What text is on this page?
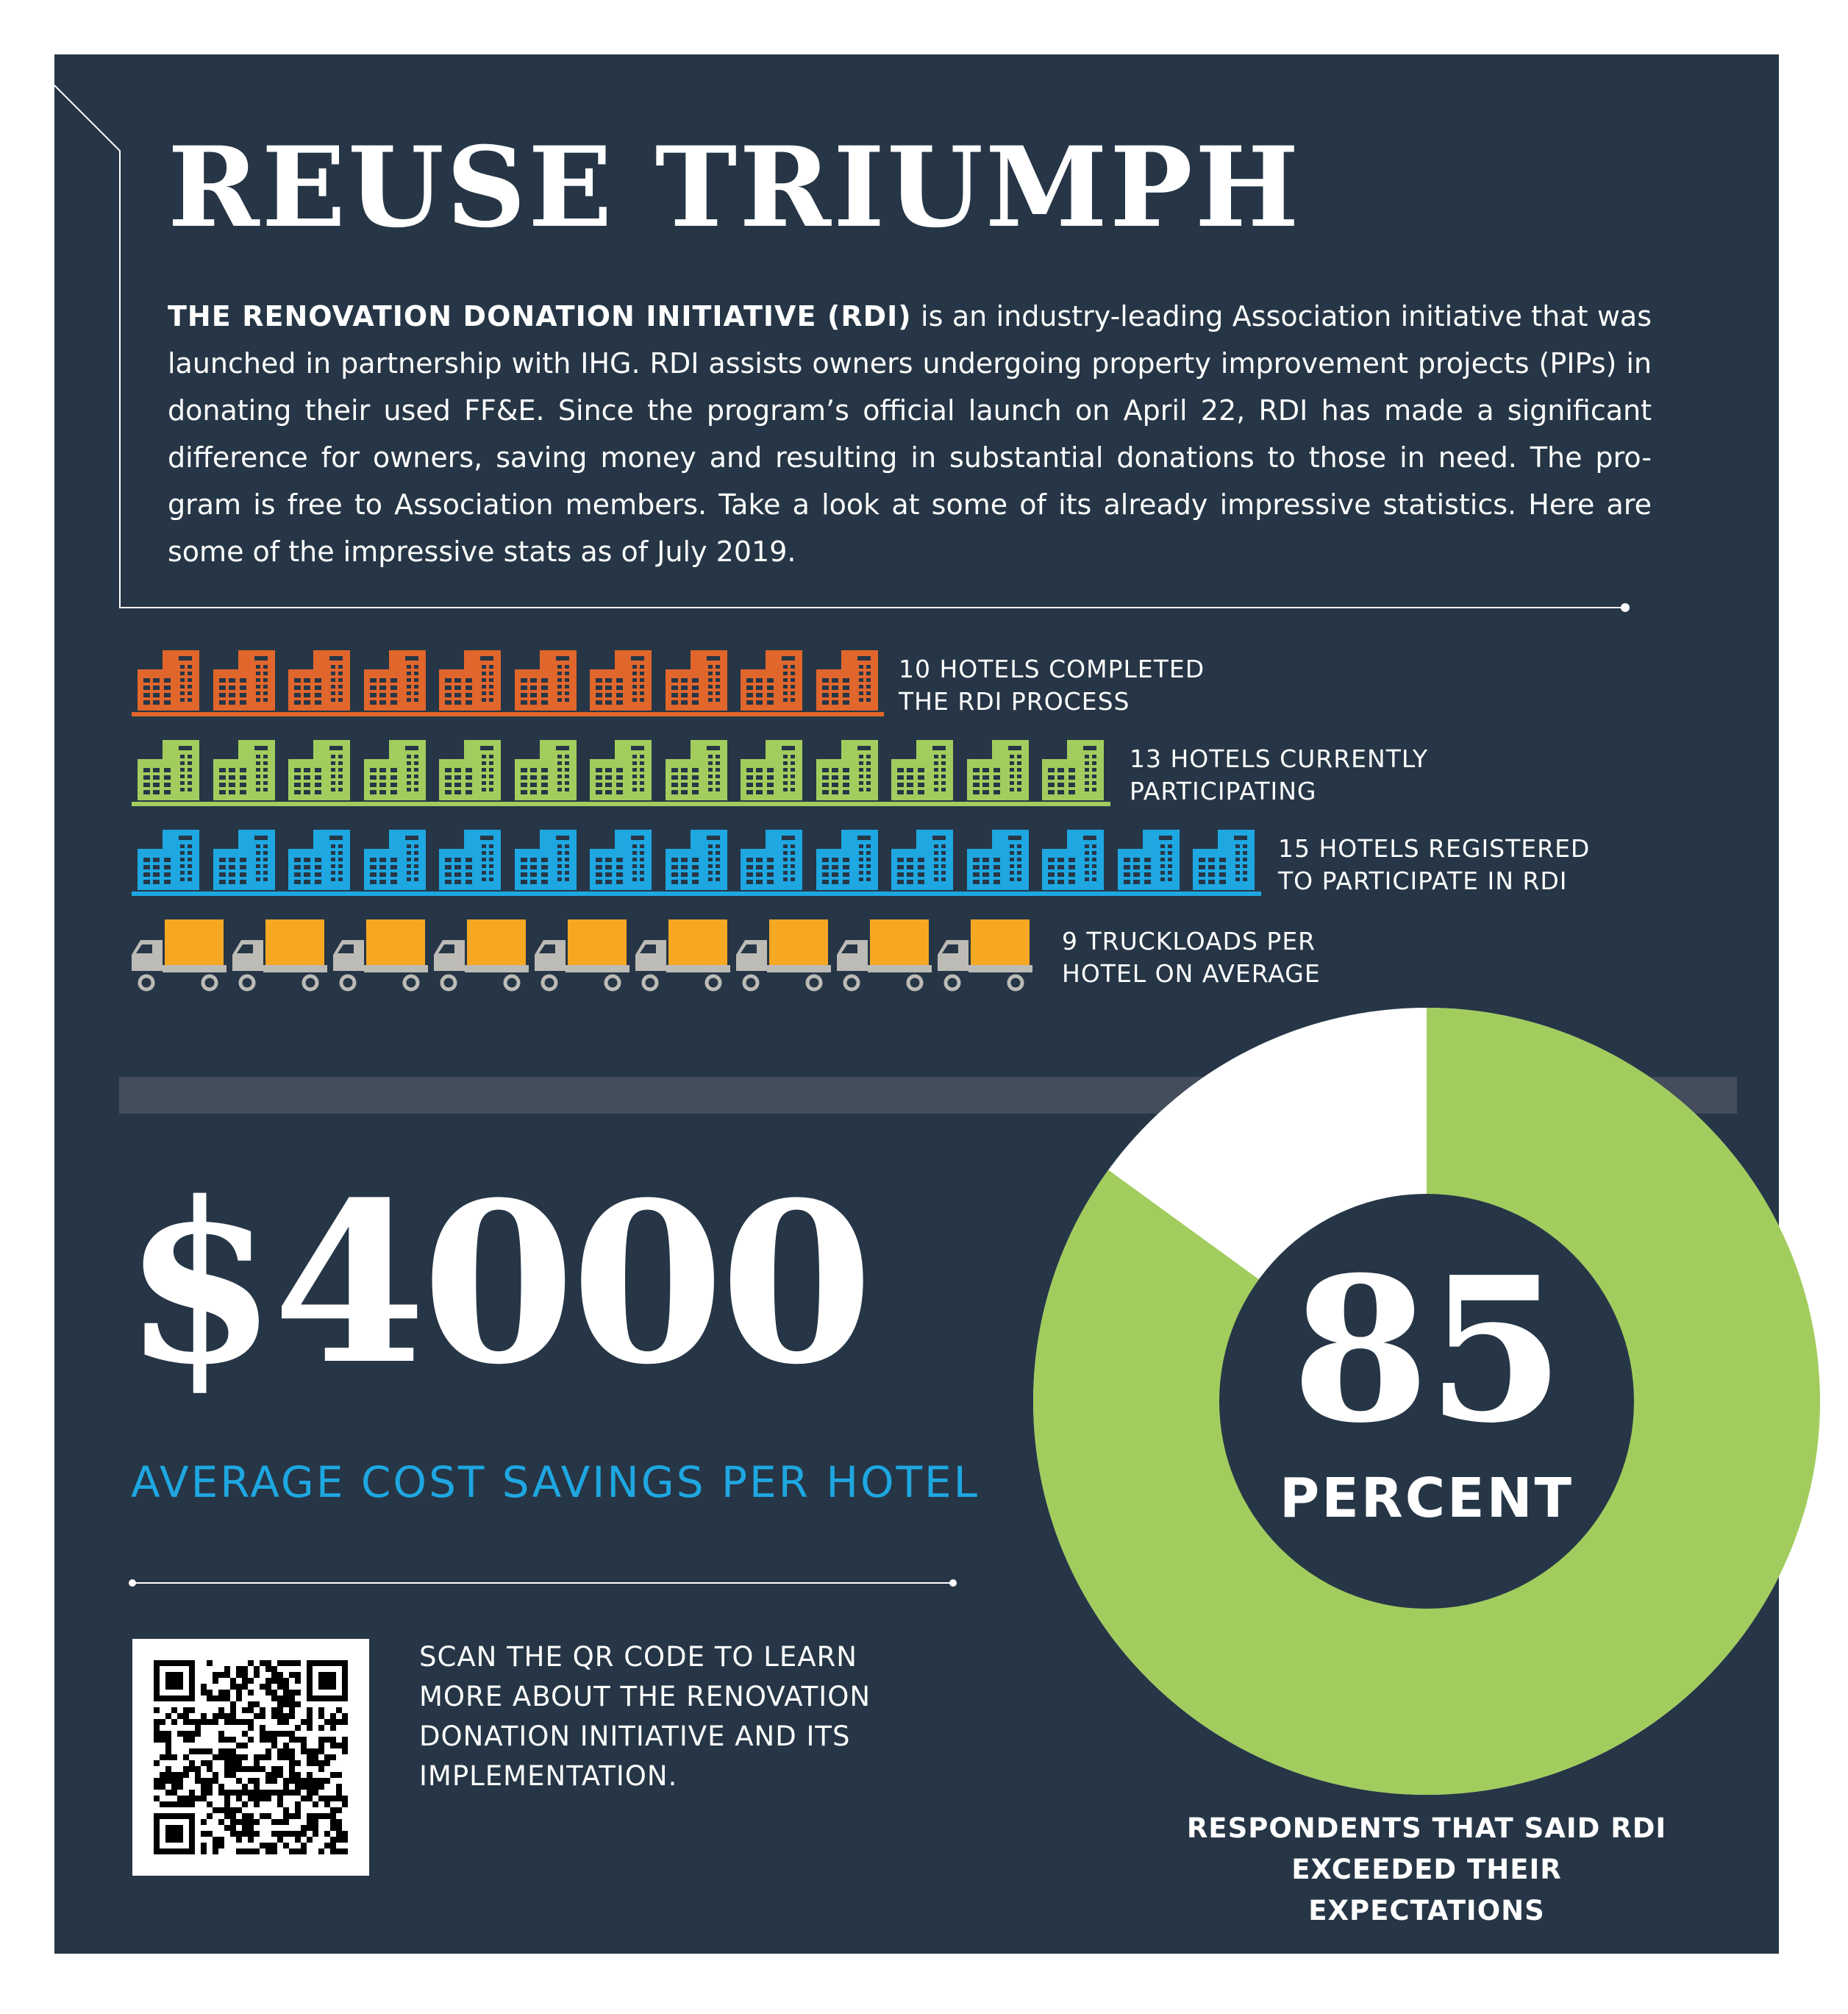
REUSE TRIUMPH

THE RENOVATION DONATION INITIATIVE (RDI) is an industry-leading Association initiative that was launched in partnership with IHG. RDI assists owners undergoing property improvement projects (PIPs) in donating their used FF&E. Since the program’s official launch on April 22, RDI has made a significant difference for owners, saving money and resulting in substantial donations to those in need. The pro-gram is free to Association members. Take a look at some of its already impressive statistics. Here are some of the impressive stats as of July 2019.

10 HOTELS COMPLETED
THE RDI PROCESS
13 HOTELS CURRENTLY
PARTICIPATING
15 HOTELS REGISTERED
TO PARTICIPATE IN RDI
9 TRUCKLOADS PER
HOTEL ON AVERAGE
$4000
AVERAGE COST SAVINGS PER HOTEL
85
PERCENT
RESPONDENTS THAT SAID RDI
EXCEEDED THEIR EXPECTATIONS
SCAN THE QR CODE TO LEARN MORE ABOUT THE RENOVATION DONATION INITIATIVE AND ITS IMPLEMENTATION.
